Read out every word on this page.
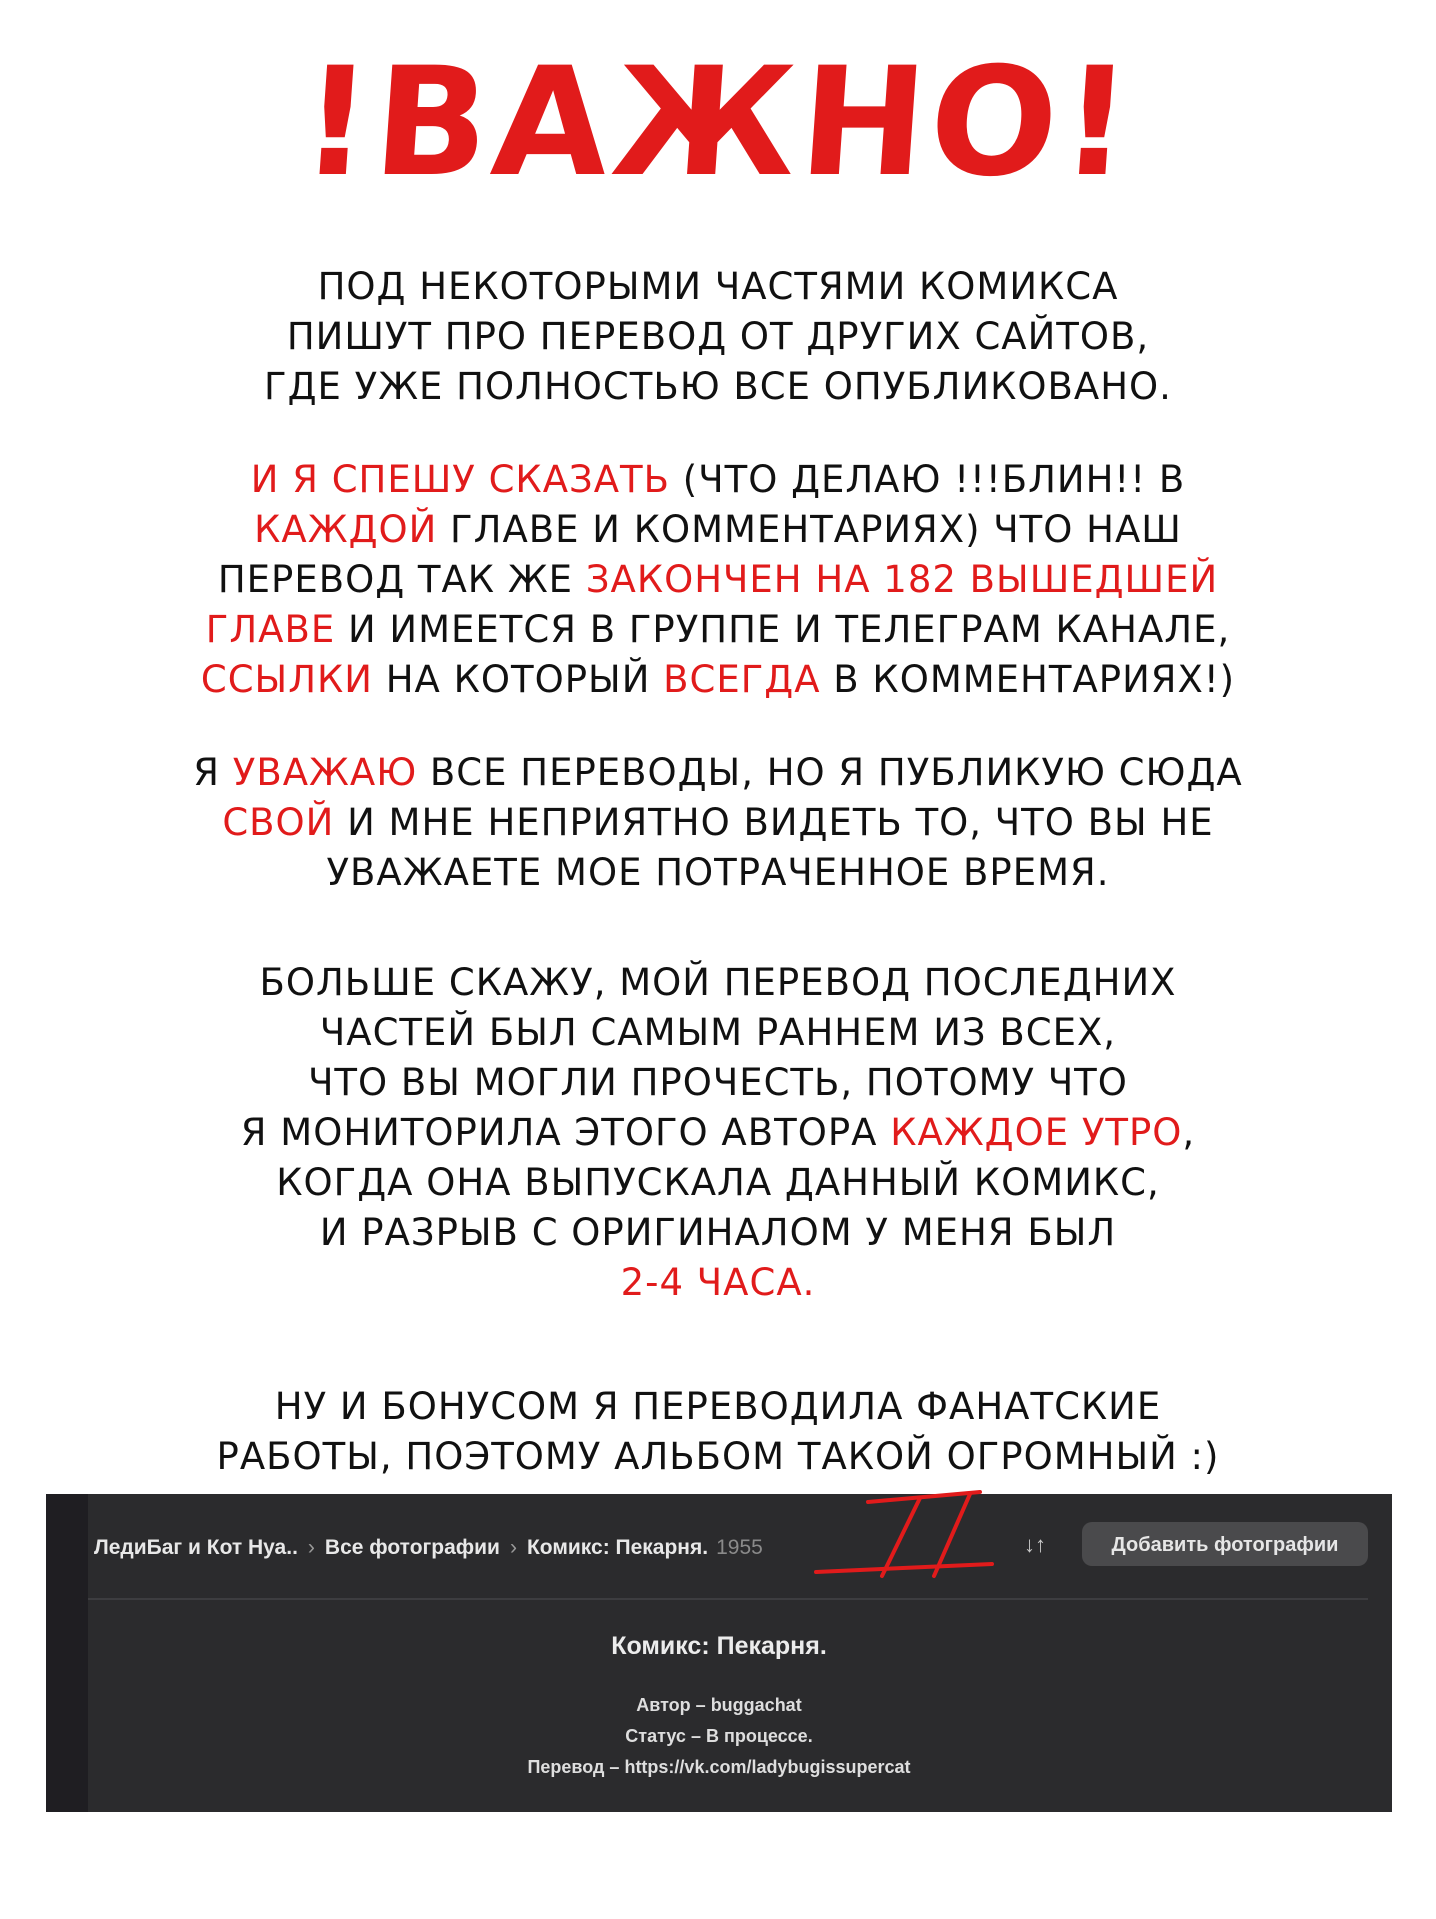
!ВАЖНО!
ПОД НЕКОТОРЫМИ ЧАСТЯМИ КОМИКСА
ПИШУТ ПРО ПЕРЕВОД ОТ ДРУГИХ САЙТОВ,
ГДЕ УЖЕ ПОЛНОСТЬЮ ВСЕ ОПУБЛИКОВАНО.
И Я СПЕШУ СКАЗАТЬ (ЧТО ДЕЛАЮ !!!БЛИН!! В
КАЖДОЙ ГЛАВЕ И КОММЕНТАРИЯХ) ЧТО НАШ
ПЕРЕВОД ТАК ЖЕ ЗАКОНЧЕН НА 182 ВЫШЕДШЕЙ
ГЛАВЕ И ИМЕЕТСЯ В ГРУППЕ И ТЕЛЕГРАМ КАНАЛЕ,
ССЫЛКИ НА КОТОРЫЙ ВСЕГДА В КОММЕНТАРИЯХ!)
Я УВАЖАЮ ВСЕ ПЕРЕВОДЫ, НО Я ПУБЛИКУЮ СЮДА
СВОЙ И МНЕ НЕПРИЯТНО ВИДЕТЬ ТО, ЧТО ВЫ НЕ
УВАЖАЕТЕ МОЕ ПОТРАЧЕННОЕ ВРЕМЯ.
БОЛЬШЕ СКАЖУ, МОЙ ПЕРЕВОД ПОСЛЕДНИХ
ЧАСТЕЙ БЫЛ САМЫМ РАННЕМ ИЗ ВСЕХ,
ЧТО ВЫ МОГЛИ ПРОЧЕСТЬ, ПОТОМУ ЧТО
Я МОНИТОРИЛА ЭТОГО АВТОРА КАЖДОЕ УТРО,
КОГДА ОНА ВЫПУСКАЛА ДАННЫЙ КОМИКС,
И РАЗРЫВ С ОРИГИНАЛОМ У МЕНЯ БЫЛ
2-4 ЧАСА.
НУ И БОНУСОМ Я ПЕРЕВОДИЛА ФАНАТСКИЕ
РАБОТЫ, ПОЭТОМУ АЛЬБОМ ТАКОЙ ОГРОМНЫЙ :)
ЛедиБаг и Кот Нуа.. › Все фотографии › Комикс: Пекарня. 1955	↓↑	Добавить фотографии
Комикс: Пекарня.
Автор – buggachat
Статус – В процессе.
Перевод – https://vk.com/ladybugissupercat
